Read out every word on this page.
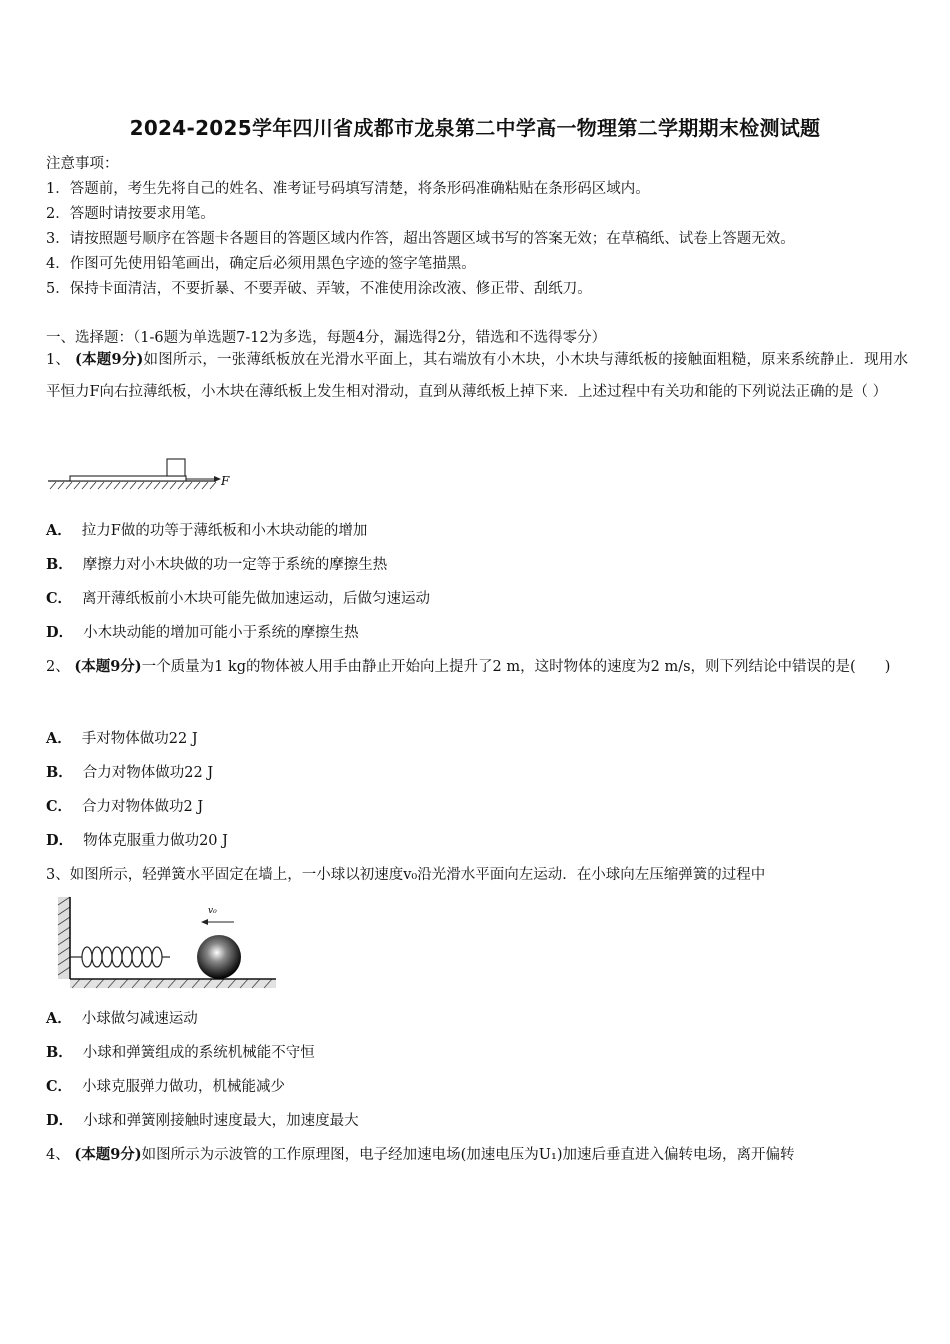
2024-2025学年四川省成都市龙泉第二中学高一物理第二学期期末检测试题
注意事项：
1．答题前，考生先将自己的姓名、准考证号码填写清楚，将条形码准确粘贴在条形码区域内。
2．答题时请按要求用笔。
3．请按照题号顺序在答题卡各题目的答题区域内作答，超出答题区域书写的答案无效；在草稿纸、试卷上答题无效。
4．作图可先使用铅笔画出，确定后必须用黑色字迹的签字笔描黑。
5．保持卡面清洁，不要折暴、不要弄破、弄皱，不准使用涂改液、修正带、刮纸刀。
一、选择题：（1-6题为单选题7-12为多选，每题4分，漏选得2分，错选和不选得零分）
1、 (本题9分)如图所示，一张薄纸板放在光滑水平面上，其右端放有小木块，小木块与薄纸板的接触面粗糙，原来系统静止．现用水平恒力F向右拉薄纸板，小木块在薄纸板上发生相对滑动，直到从薄纸板上掉下来．上述过程中有关功和能的下列说法正确的是（ ）
F
A． 拉力F做的功等于薄纸板和小木块动能的增加
B． 摩擦力对小木块做的功一定等于系统的摩擦生热
C． 离开薄纸板前小木块可能先做加速运动，后做匀速运动
D． 小木块动能的增加可能小于系统的摩擦生热
2、 (本题9分)一个质量为1 kg的物体被人用手由静止开始向上提升了2 m，这时物体的速度为2 m/s，则下列结论中错误的是(　　)
A． 手对物体做功22 J
B． 合力对物体做功22 J
C． 合力对物体做功2 J
D． 物体克服重力做功20 J
3、如图所示，轻弹簧水平固定在墙上，一小球以初速度v₀沿光滑水平面向左运动．在小球向左压缩弹簧的过程中
v₀
A． 小球做匀减速运动
B． 小球和弹簧组成的系统机械能不守恒
C． 小球克服弹力做功，机械能减少
D． 小球和弹簧刚接触时速度最大，加速度最大
4、 (本题9分)如图所示为示波管的工作原理图，电子经加速电场(加速电压为U₁)加速后垂直进入偏转电场，离开偏转
